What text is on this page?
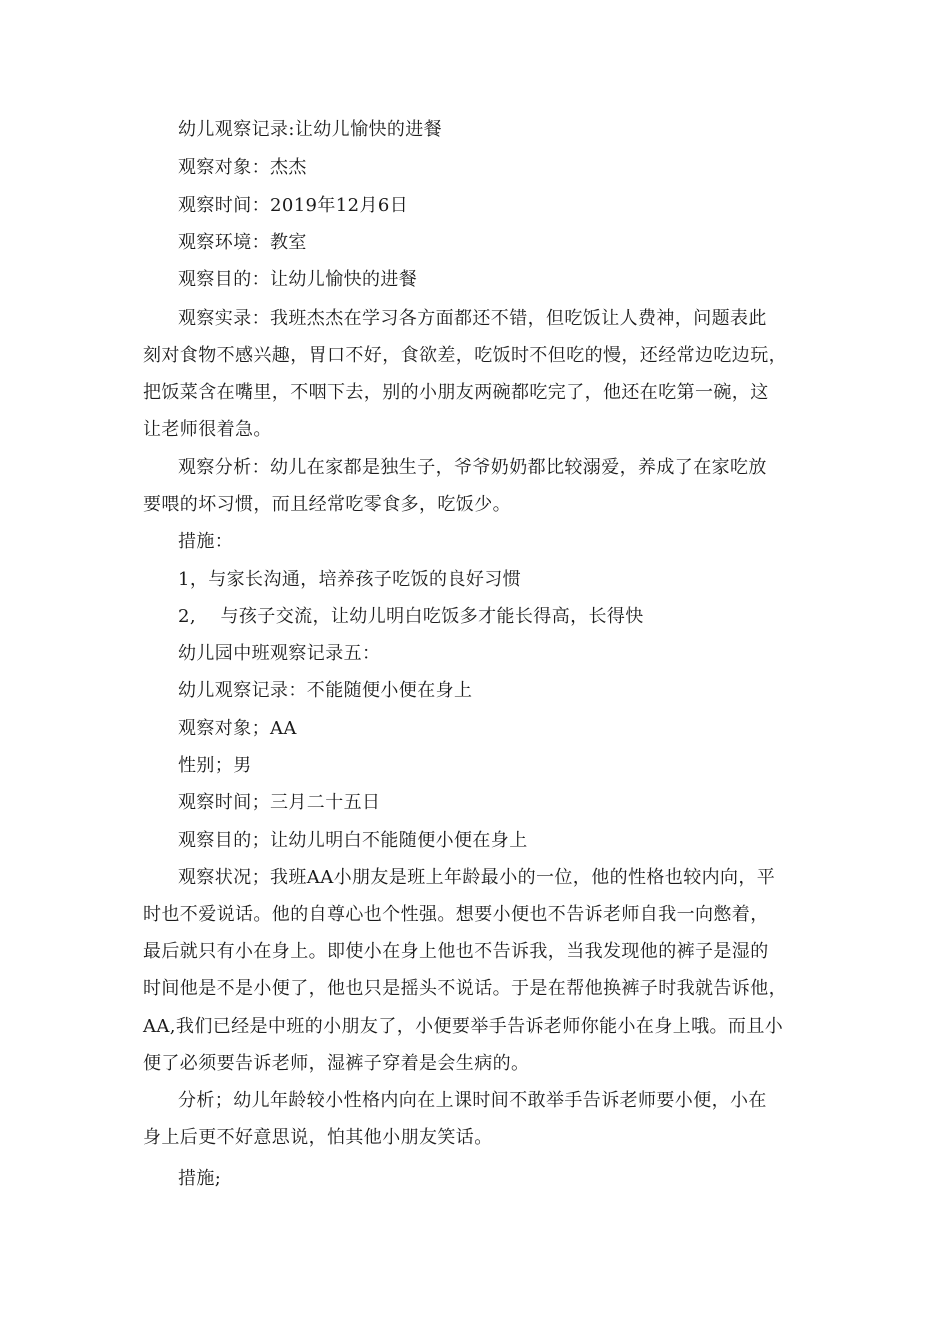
幼儿观察记录:让幼儿愉快的进餐
观察对象：杰杰
观察时间：2019年12月6日
观察环境：教室
观察目的：让幼儿愉快的进餐
观察实录：我班杰杰在学习各方面都还不错，但吃饭让人费神，问题表此
刻对食物不感兴趣，胃口不好，食欲差，吃饭时不但吃的慢，还经常边吃边玩，
把饭菜含在嘴里，不咽下去，别的小朋友两碗都吃完了，他还在吃第一碗，这
让老师很着急。
观察分析：幼儿在家都是独生子，爷爷奶奶都比较溺爱，养成了在家吃放
要喂的坏习惯，而且经常吃零食多，吃饭少。
措施：
1，与家长沟通，培养孩子吃饭的良好习惯
2,　 与孩子交流，让幼儿明白吃饭多才能长得高，长得快
幼儿园中班观察记录五：
幼儿观察记录：不能随便小便在身上
观察对象；AA
性别；男
观察时间；三月二十五日
观察目的；让幼儿明白不能随便小便在身上
观察状况；我班AA小朋友是班上年龄最小的一位，他的性格也较内向，平
时也不爱说话。他的自尊心也个性强。想要小便也不告诉老师自我一向憋着，
最后就只有小在身上。即使小在身上他也不告诉我，当我发现他的裤子是湿的
时间他是不是小便了，他也只是摇头不说话。于是在帮他换裤子时我就告诉他，
AA,我们已经是中班的小朋友了，小便要举手告诉老师你能小在身上哦。而且小
便了必须要告诉老师，湿裤子穿着是会生病的。
分析；幼儿年龄较小性格内向在上课时间不敢举手告诉老师要小便，小在
身上后更不好意思说，怕其他小朋友笑话。
措施;
